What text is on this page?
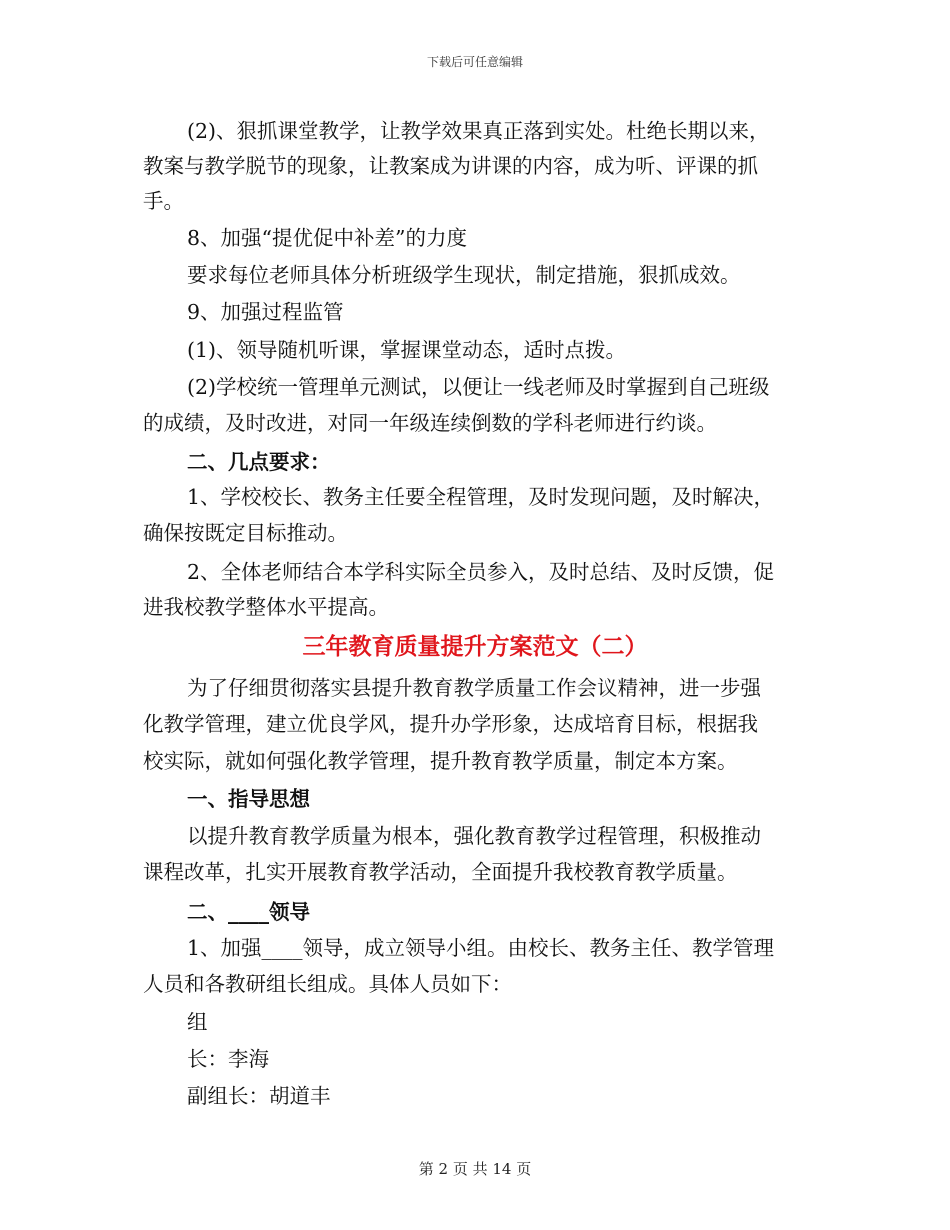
下载后可任意编辑
(2)、狠抓课堂教学，让教学效果真正落到实处。杜绝长期以来，
教案与教学脱节的现象，让教案成为讲课的内容，成为听、评课的抓
手。
8、加强“提优促中补差”的力度
要求每位老师具体分析班级学生现状，制定措施，狠抓成效。
9、加强过程监管
(1)、领导随机听课，掌握课堂动态，适时点拨。
(2)学校统一管理单元测试，以便让一线老师及时掌握到自己班级
的成绩，及时改进，对同一年级连续倒数的学科老师进行约谈。
二、几点要求：
1、学校校长、教务主任要全程管理，及时发现问题，及时解决，
确保按既定目标推动。
2、全体老师结合本学科实际全员参入，及时总结、及时反馈，促
进我校教学整体水平提高。
三年教育质量提升方案范文（二）
为了仔细贯彻落实县提升教育教学质量工作会议精神，进一步强
化教学管理，建立优良学风，提升办学形象，达成培育目标，根据我
校实际，就如何强化教学管理，提升教育教学质量，制定本方案。
一、指导思想
以提升教育教学质量为根本，强化教育教学过程管理，积极推动
课程改革，扎实开展教育教学活动，全面提升我校教育教学质量。
二、____领导
1、加强____领导，成立领导小组。由校长、教务主任、教学管理
人员和各教研组长组成。具体人员如下：
组
长：李海
副组长：胡道丰
第 2 页 共 14 页
